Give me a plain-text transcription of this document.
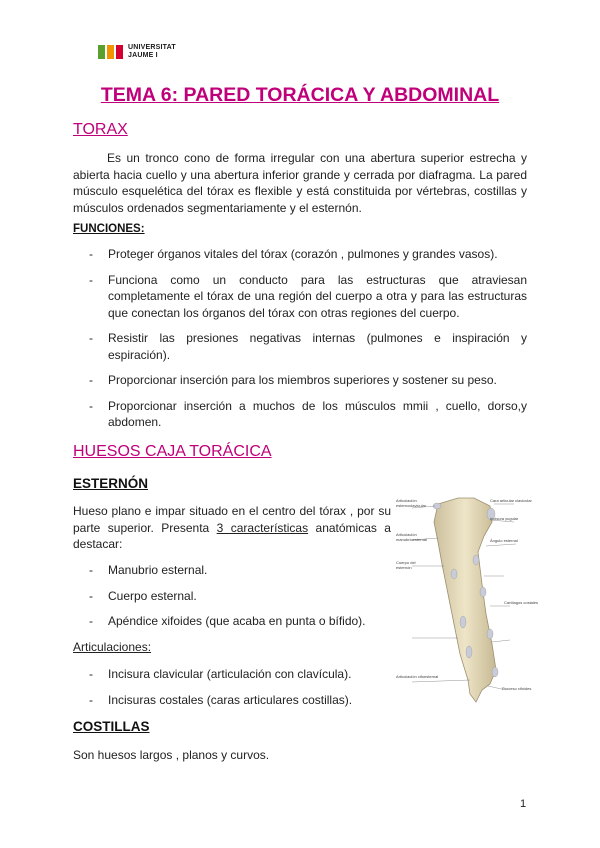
UNIVERSITAT
JAUME I
TEMA 6: PARED TORÁCICA Y ABDOMINAL
TORAX
Es un tronco cono de forma irregular con una abertura superior estrecha y abierta hacia cuello y una abertura inferior grande y cerrada por diafragma. La pared músculo esquelética del tórax es flexible y está constituida por vértebras, costillas y músculos ordenados segmentariamente y el esternón.
FUNCIONES:
-	Proteger órganos vitales del tórax (corazón , pulmones y grandes vasos).
-	Funciona como un conducto para las estructuras que atraviesan completamente el tórax de una región del cuerpo a otra y para las estructuras que conectan los órganos del tórax con otras regiones del cuerpo.
-	Resistir las presiones negativas internas (pulmones e inspiración y espiración).
-	Proporcionar inserción para los miembros superiores y sostener su peso.
-	Proporcionar inserción a muchos de los músculos mmii , cuello, dorso,y abdomen.
HUESOS CAJA TORÁCICA
ESTERNÓN
Hueso plano e impar situado en el centro del tórax , por su parte superior. Presenta 3 características anatómicas a destacar:
-	Manubrio esternal.
-	Cuerpo esternal.
-	Apéndice xifoides (que acaba en punta o bífido).
Articulaciones:
-	Incisura clavicular (articulación con clavícula).
-	Incisuras costales (caras articulares costillas).
COSTILLAS
Son huesos largos , planos y curvos.
Articulación esternoclavicular
Cara articular clavicular
Incisura yugular
Articulación manubrioesternal	Ángulo esternal
Cuerpo del esternón
Cartílagos costales
Proceso xifoides
Articulación xifoesternal
1
